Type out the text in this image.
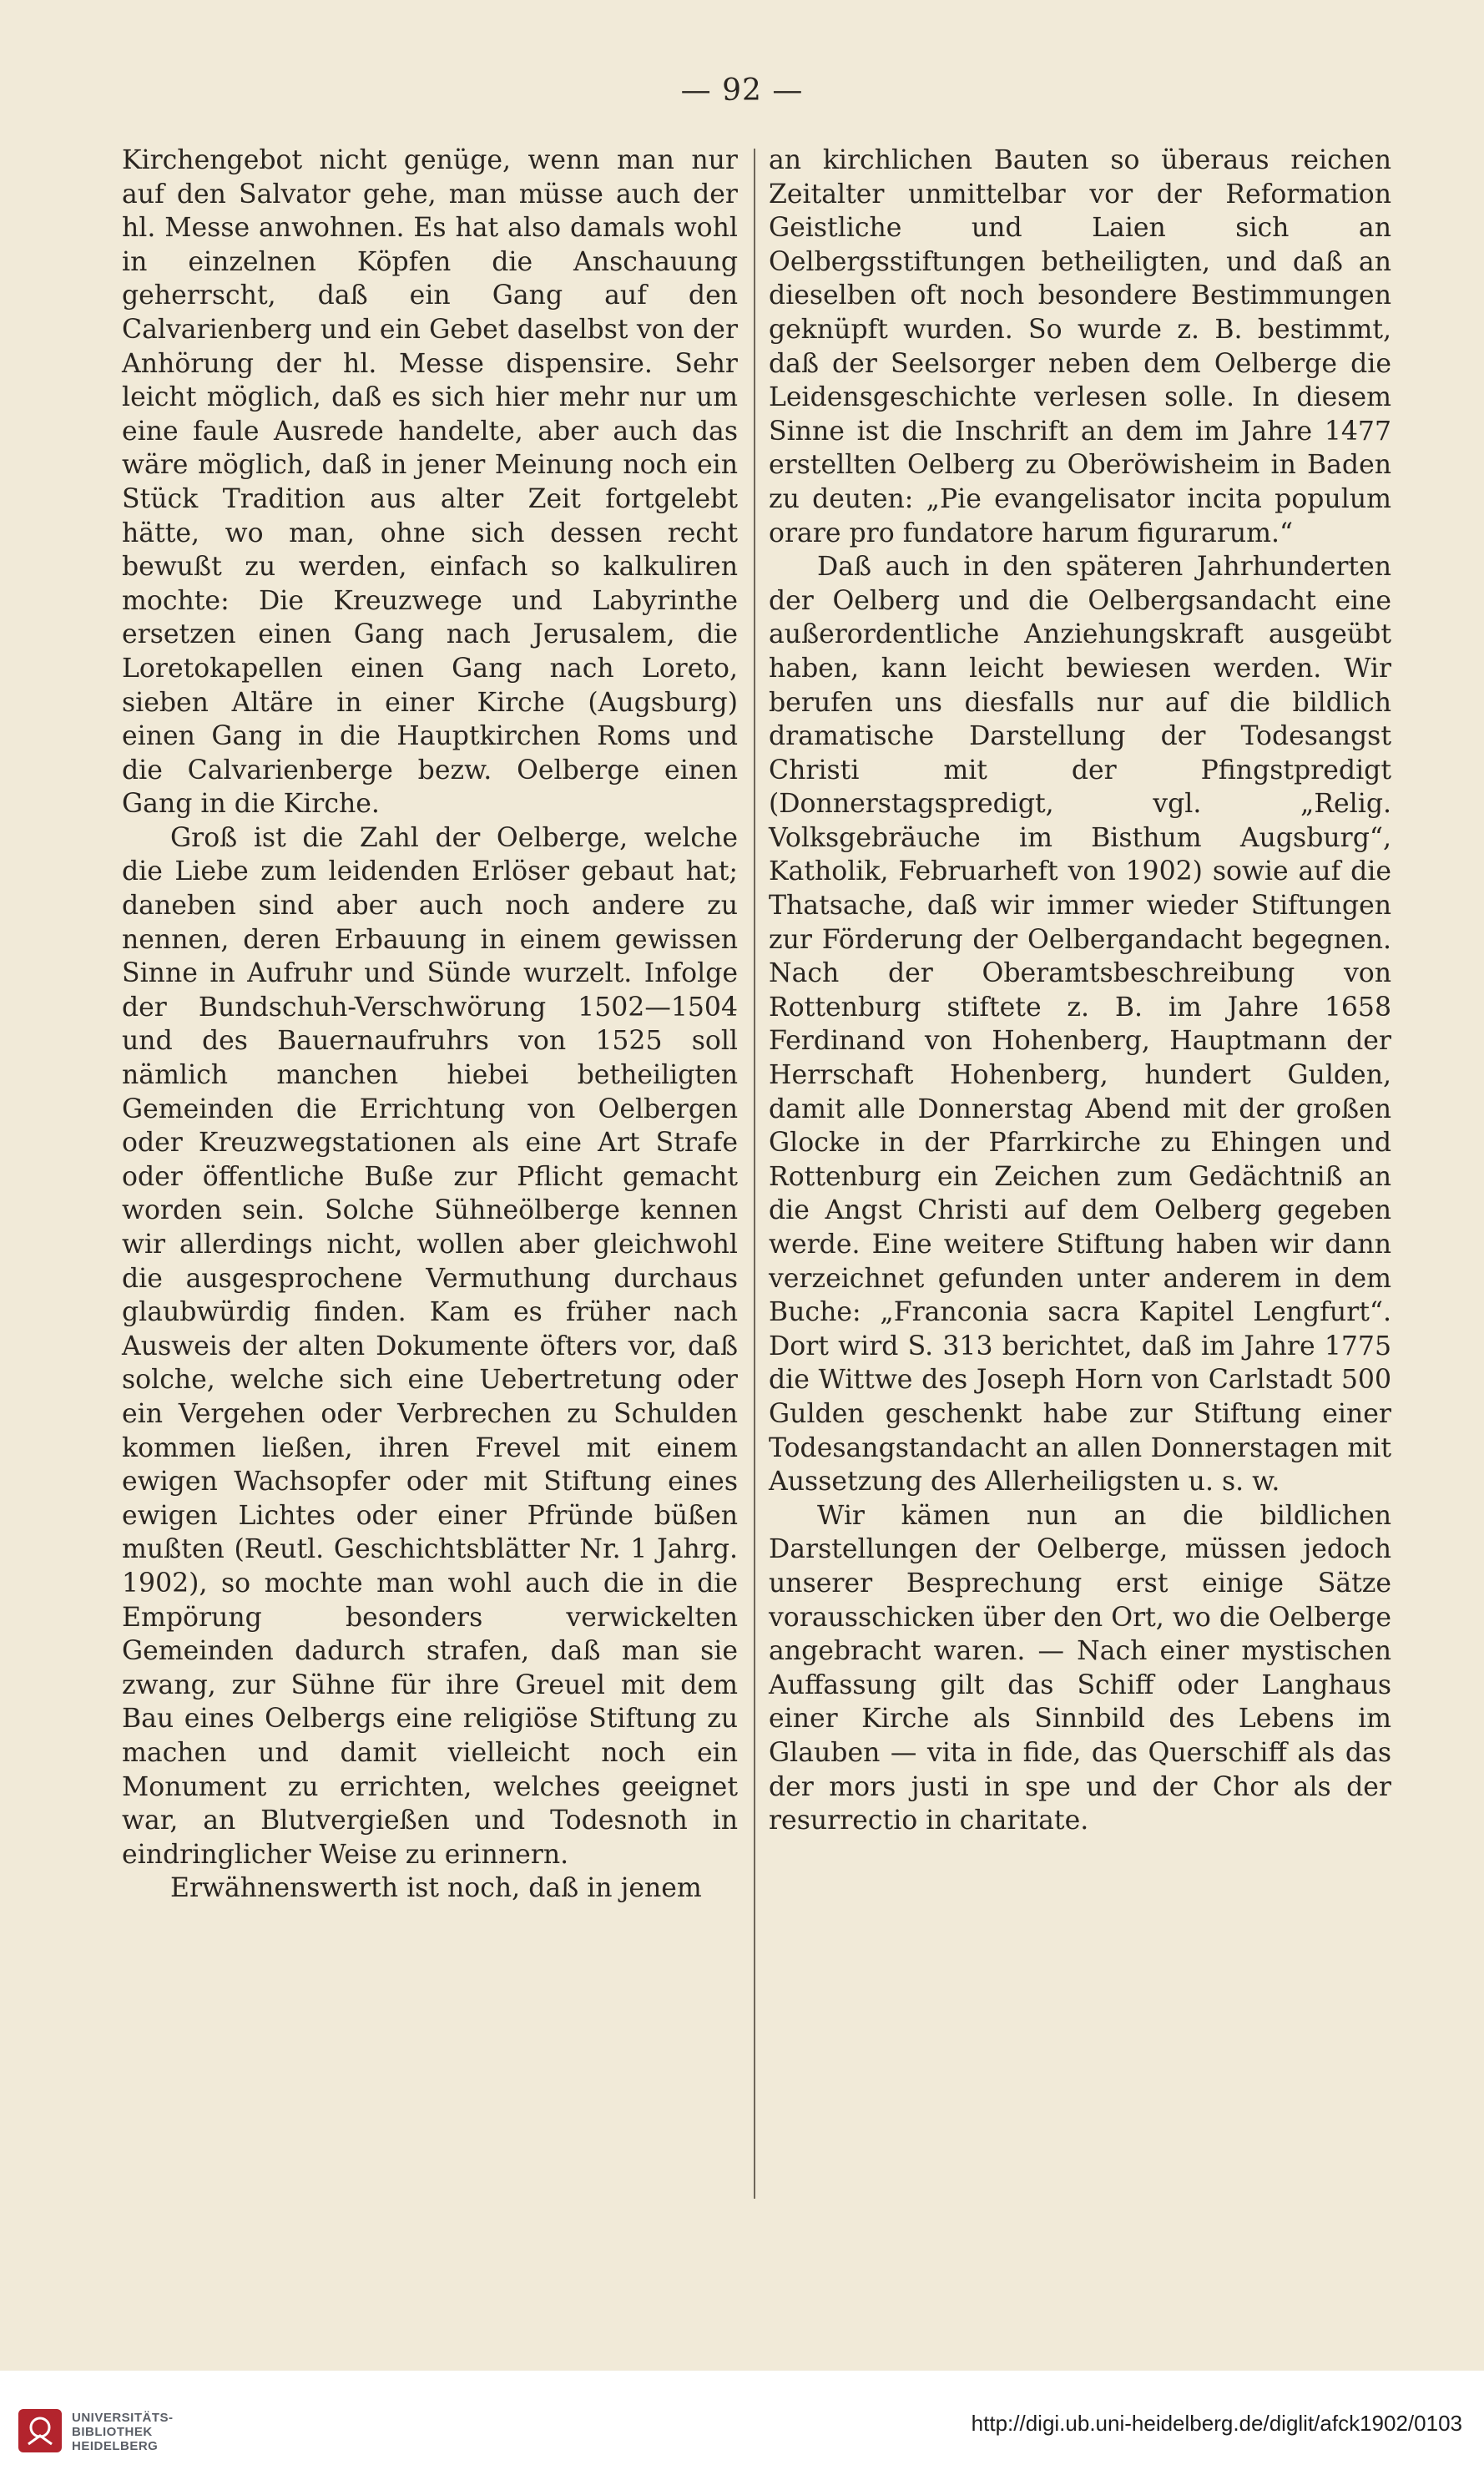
— 92 —

Kirchengebot nicht genüge, wenn man nur auf den Salvator gehe, man müsse auch der hl. Messe anwohnen. Es hat also damals wohl in einzelnen Köpfen die Anschauung geherrscht, daß ein Gang auf den Calvarienberg und ein Gebet daselbst von der Anhörung der hl. Messe dispensire. Sehr leicht möglich, daß es sich hier mehr nur um eine faule Ausrede handelte, aber auch das wäre möglich, daß in jener Meinung noch ein Stück Tradition aus alter Zeit fortgelebt hätte, wo man, ohne sich dessen recht bewußt zu werden, einfach so kalkuliren mochte: Die Kreuzwege und Labyrinthe ersetzen einen Gang nach Jerusalem, die Loretokapellen einen Gang nach Loreto, sieben Altäre in einer Kirche (Augsburg) einen Gang in die Hauptkirchen Roms und die Calvarienberge bezw. Oelberge einen Gang in die Kirche.

Groß ist die Zahl der Oelberge, welche die Liebe zum leidenden Erlöser gebaut hat; daneben sind aber auch noch andere zu nennen, deren Erbauung in einem gewissen Sinne in Aufruhr und Sünde wurzelt. Infolge der Bundschuh-Verschwörung 1502—1504 und des Bauernaufruhrs von 1525 soll nämlich manchen hiebei betheiligten Gemeinden die Errichtung von Oelbergen oder Kreuzwegstationen als eine Art Strafe oder öffentliche Buße zur Pflicht gemacht worden sein. Solche Sühneölberge kennen wir allerdings nicht, wollen aber gleichwohl die ausgesprochene Vermuthung durchaus glaubwürdig finden. Kam es früher nach Ausweis der alten Dokumente öfters vor, daß solche, welche sich eine Uebertretung oder ein Vergehen oder Verbrechen zu Schulden kommen ließen, ihren Frevel mit einem ewigen Wachsopfer oder mit Stiftung eines ewigen Lichtes oder einer Pfründe büßen mußten (Reutl. Geschichtsblätter Nr. 1 Jahrg. 1902), so mochte man wohl auch die in die Empörung besonders verwickelten Gemeinden dadurch strafen, daß man sie zwang, zur Sühne für ihre Greuel mit dem Bau eines Oelbergs eine religiöse Stiftung zu machen und damit vielleicht noch ein Monument zu errichten, welches geeignet war, an Blutvergießen und Todesnoth in eindringlicher Weise zu erinnern.

Erwähnenswerth ist noch, daß in jenem

an kirchlichen Bauten so überaus reichen Zeitalter unmittelbar vor der Reformation Geistliche und Laien sich an Oelbergsstiftungen betheiligten, und daß an dieselben oft noch besondere Bestimmungen geknüpft wurden. So wurde z. B. bestimmt, daß der Seelsorger neben dem Oelberge die Leidensgeschichte verlesen solle. In diesem Sinne ist die Inschrift an dem im Jahre 1477 erstellten Oelberg zu Oberöwisheim in Baden zu deuten: „Pie evangelisator incita populum orare pro fundatore harum figurarum.“

Daß auch in den späteren Jahrhunderten der Oelberg und die Oelbergsandacht eine außerordentliche Anziehungskraft ausgeübt haben, kann leicht bewiesen werden. Wir berufen uns diesfalls nur auf die bildlich dramatische Darstellung der Todesangst Christi mit der Pfingstpredigt (Donnerstagspredigt, vgl. „Relig. Volksgebräuche im Bisthum Augsburg“, Katholik, Februarheft von 1902) sowie auf die Thatsache, daß wir immer wieder Stiftungen zur Förderung der Oelbergandacht begegnen. Nach der Oberamtsbeschreibung von Rottenburg stiftete z. B. im Jahre 1658 Ferdinand von Hohenberg, Hauptmann der Herrschaft Hohenberg, hundert Gulden, damit alle Donnerstag Abend mit der großen Glocke in der Pfarrkirche zu Ehingen und Rottenburg ein Zeichen zum Gedächtniß an die Angst Christi auf dem Oelberg gegeben werde. Eine weitere Stiftung haben wir dann verzeichnet gefunden unter anderem in dem Buche: „Franconia sacra Kapitel Lengfurt“. Dort wird S. 313 berichtet, daß im Jahre 1775 die Wittwe des Joseph Horn von Carlstadt 500 Gulden geschenkt habe zur Stiftung einer Todesangstandacht an allen Donnerstagen mit Aussetzung des Allerheiligsten u. s. w.

Wir kämen nun an die bildlichen Darstellungen der Oelberge, müssen jedoch unserer Besprechung erst einige Sätze vorausschicken über den Ort, wo die Oelberge angebracht waren. — Nach einer mystischen Auffassung gilt das Schiff oder Langhaus einer Kirche als Sinnbild des Lebens im Glauben — vita in fide, das Querschiff als das der mors justi in spe und der Chor als der resurrectio in charitate.

UNIVERSITÄTS-
BIBLIOTHEK
HEIDELBERG
http://digi.ub.uni-heidelberg.de/diglit/afck1902/0103
